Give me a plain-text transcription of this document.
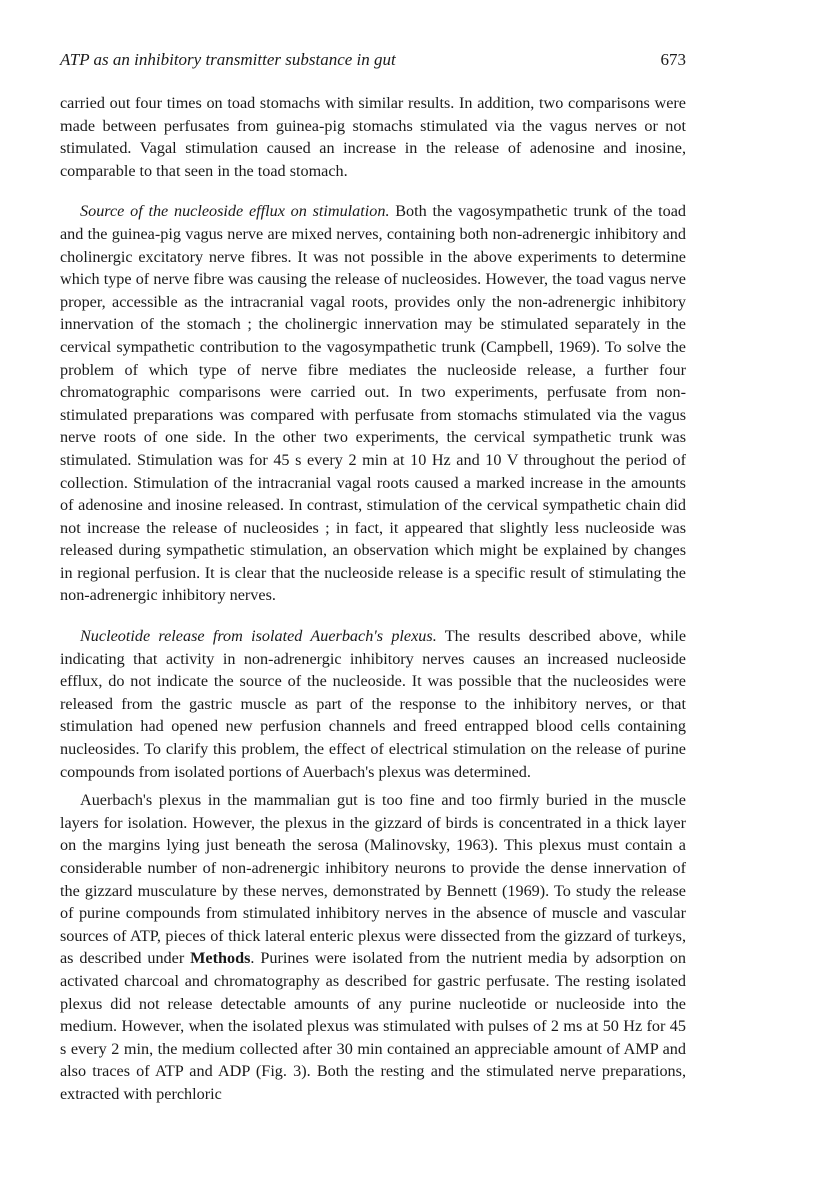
ATP as an inhibitory transmitter substance in gut	673

carried out four times on toad stomachs with similar results. In addition, two comparisons were made between perfusates from guinea-pig stomachs stimulated via the vagus nerves or not stimulated. Vagal stimulation caused an increase in the release of adenosine and inosine, comparable to that seen in the toad stomach.

Source of the nucleoside efflux on stimulation. Both the vagosympathetic trunk of the toad and the guinea-pig vagus nerve are mixed nerves, containing both non-adrenergic inhibitory and cholinergic excitatory nerve fibres. It was not possible in the above experiments to determine which type of nerve fibre was causing the release of nucleosides. However, the toad vagus nerve proper, accessible as the intracranial vagal roots, provides only the non-adrenergic inhibitory innervation of the stomach ; the cholinergic innervation may be stimulated separately in the cervical sympathetic contribution to the vagosympathetic trunk (Campbell, 1969). To solve the problem of which type of nerve fibre mediates the nucleoside release, a further four chromatographic comparisons were carried out. In two experiments, perfusate from non-stimulated preparations was compared with perfusate from stomachs stimulated via the vagus nerve roots of one side. In the other two experiments, the cervical sympathetic trunk was stimulated. Stimulation was for 45 s every 2 min at 10 Hz and 10 V throughout the period of collection. Stimulation of the intracranial vagal roots caused a marked increase in the amounts of adenosine and inosine released. In contrast, stimulation of the cervical sympathetic chain did not increase the release of nucleosides ; in fact, it appeared that slightly less nucleoside was released during sympathetic stimulation, an observation which might be explained by changes in regional perfusion. It is clear that the nucleoside release is a specific result of stimulating the non-adrenergic inhibitory nerves.

Nucleotide release from isolated Auerbach's plexus. The results described above, while indicating that activity in non-adrenergic inhibitory nerves causes an increased nucleoside efflux, do not indicate the source of the nucleoside. It was possible that the nucleosides were released from the gastric muscle as part of the response to the inhibitory nerves, or that stimulation had opened new perfusion channels and freed entrapped blood cells containing nucleosides. To clarify this problem, the effect of electrical stimulation on the release of purine compounds from isolated portions of Auerbach's plexus was determined.

Auerbach's plexus in the mammalian gut is too fine and too firmly buried in the muscle layers for isolation. However, the plexus in the gizzard of birds is concentrated in a thick layer on the margins lying just beneath the serosa (Malinovsky, 1963). This plexus must contain a considerable number of non-adrenergic inhibitory neurons to provide the dense innervation of the gizzard musculature by these nerves, demonstrated by Bennett (1969). To study the release of purine compounds from stimulated inhibitory nerves in the absence of muscle and vascular sources of ATP, pieces of thick lateral enteric plexus were dissected from the gizzard of turkeys, as described under Methods. Purines were isolated from the nutrient media by adsorption on activated charcoal and chromatography as described for gastric perfusate. The resting isolated plexus did not release detectable amounts of any purine nucleotide or nucleoside into the medium. However, when the isolated plexus was stimulated with pulses of 2 ms at 50 Hz for 45 s every 2 min, the medium collected after 30 min contained an appreciable amount of AMP and also traces of ATP and ADP (Fig. 3). Both the resting and the stimulated nerve preparations, extracted with perchloric
